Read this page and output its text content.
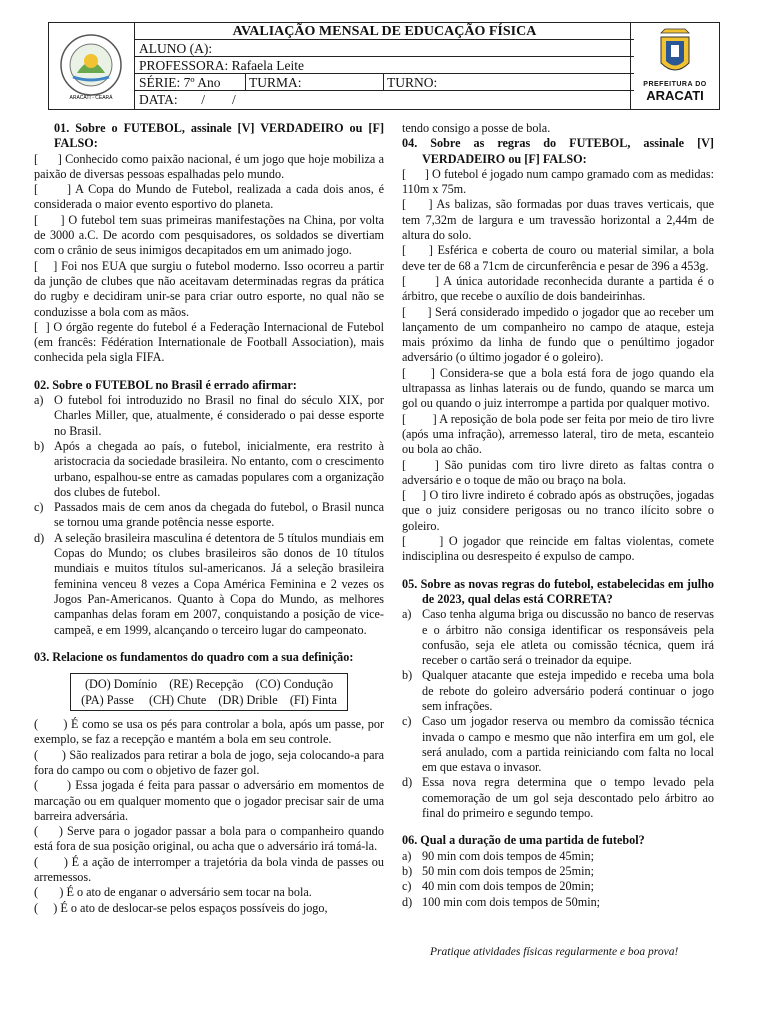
ARACATI - CEARÁ
AVALIAÇÃO MENSAL DE EDUCAÇÃO FÍSICA
ALUNO (A):
PROFESSORA: Rafaela Leite
SÉRIE: 7º Ano TURMA:	TURNO:
DATA:       /        /
PREFEITURA DO
ARACATI

01. Sobre o FUTEBOL, assinale [V] VERDADEIRO ou [F] FALSO:

[      ] Conhecido como paixão nacional, é um jogo que hoje mobiliza a paixão de diversas pessoas espalhadas pelo mundo.

[      ] A Copa do Mundo de Futebol, realizada a cada dois anos, é considerada o maior evento esportivo do planeta.

[      ] O futebol tem suas primeiras manifestações na China, por volta de 3000 a.C. De acordo com pesquisadores, os soldados se divertiam com o crânio de seus inimigos decapitados em um animado jogo.

[    ] Foi nos EUA que surgiu o futebol moderno. Isso ocorreu a partir da junção de clubes que não aceitavam determinadas regras da prática do rugby e decidiram unir-se para criar outro esporte, no qual não se conduzisse a bola com as mãos.

[  ] O órgão regente do futebol é a Federação Internacional de Futebol (em francês: Fédération Internationale de Football Association), mais conhecida pela sigla FIFA.

02. Sobre o FUTEBOL no Brasil é errado afirmar:

a) O futebol foi introduzido no Brasil no final do século XIX, por Charles Miller, que, atualmente, é considerado o pai desse esporte no Brasil.

b) Após a chegada ao país, o futebol, inicialmente, era restrito à aristocracia da sociedade brasileira. No entanto, com o crescimento urbano, espalhou-se entre as camadas populares com a organização dos clubes de futebol.

c) Passados mais de cem anos da chegada do futebol, o Brasil nunca se tornou uma grande potência nesse esporte.

d) A seleção brasileira masculina é detentora de 5 títulos mundiais em Copas do Mundo; os clubes brasileiros são donos de 10 títulos mundiais e muitos títulos sul-americanos. Já a seleção brasileira feminina venceu 8 vezes a Copa América Feminina e 2 vezes os Jogos Pan-Americanos. Quanto à Copa do Mundo, as melhores campanhas delas foram em 2007, conquistando a posição de vice-campeã, e em 1999, alcançando o terceiro lugar do campeonato.

03. Relacione os fundamentos do quadro com a sua definição:

(DO) Domínio    (RE) Recepção    (CO) Condução
(PA) Passe     (CH) Chute    (DR) Drible    (FI) Finta

(       ) É como se usa os pés para controlar a bola, após um passe, por exemplo, se faz a recepção e mantém a bola em seu controle.

(       ) São realizados para retirar a bola de jogo, seja colocando-a para fora do campo ou com o objetivo de fazer gol.

(       ) Essa jogada é feita para passar o adversário em momentos de marcação ou em qualquer momento que o jogador precisar sair de uma barreira adversária.

(     ) Serve para o jogador passar a bola para o companheiro quando está fora de sua posição original, ou acha que o adversário irá tomá-la.

(       ) É a ação de interromper a trajetória da bola vinda de passes ou arremessos.

(       ) É o ato de enganar o adversário sem tocar na bola.

(     ) É o ato de deslocar-se pelos espaços possíveis do jogo,

tendo consigo a posse de bola.

04. Sobre as regras do FUTEBOL, assinale [V] VERDADEIRO ou [F] FALSO:

[      ] O futebol é jogado num campo gramado com as medidas: 110m x 75m.

[     ] As balizas, são formadas por duas traves verticais, que tem 7,32m de largura e um travessão horizontal a 2,44m de altura do solo.

[     ] Esférica e coberta de couro ou material similar, a bola deve ter de 68 a 71cm de circunferência e pesar de 396 a 453g.

[      ] A única autoridade reconhecida durante a partida é o árbitro, que recebe o auxílio de dois bandeirinhas.

[      ] Será considerado impedido o jogador que ao receber um lançamento de um companheiro no campo de ataque, esteja mais próximo da linha de fundo que o penúltimo jogador adversário (o último jogador é o goleiro).

[     ] Considera-se que a bola está fora de jogo quando ela ultrapassa as linhas laterais ou de fundo, quando se marca um gol ou quando o juiz interrompe a partida por qualquer motivo.

[        ] A reposição de bola pode ser feita por meio de tiro livre (após uma infração), arremesso lateral, tiro de meta, escanteio ou bola ao chão.

[     ] São punidas com tiro livre direto as faltas contra o adversário e o toque de mão ou braço na bola.

[     ] O tiro livre indireto é cobrado após as obstruções, jogadas que o juiz considere perigosas ou no tranco ilícito sobre o goleiro.

[      ] O jogador que reincide em faltas violentas, comete indisciplina ou desrespeito é expulso de campo.

05. Sobre as novas regras do futebol, estabelecidas em julho de 2023, qual delas está CORRETA?

a) Caso tenha alguma briga ou discussão no banco de reservas e o árbitro não consiga identificar os responsáveis pela confusão, seja ele atleta ou comissão técnica, quem irá receber o cartão será o treinador da equipe.

b) Qualquer atacante que esteja impedido e receba uma bola de rebote do goleiro adversário poderá continuar o jogo sem infrações.

c) Caso um jogador reserva ou membro da comissão técnica invada o campo e mesmo que não interfira em um gol, ele será anulado, com a partida reiniciando com falta no local em que estava o invasor.

d) Essa nova regra determina que o tempo levado pela comemoração de um gol seja descontado pelo árbitro ao final do primeiro e segundo tempo.

06. Qual a duração de uma partida de futebol?

a) 90 min com dois tempos de 45min;

b) 50 min com dois tempos de 25min;

c) 40 min com dois tempos de 20min;

d) 100 min com dois tempos de 50min;

Pratique atividades físicas regularmente e boa prova!
